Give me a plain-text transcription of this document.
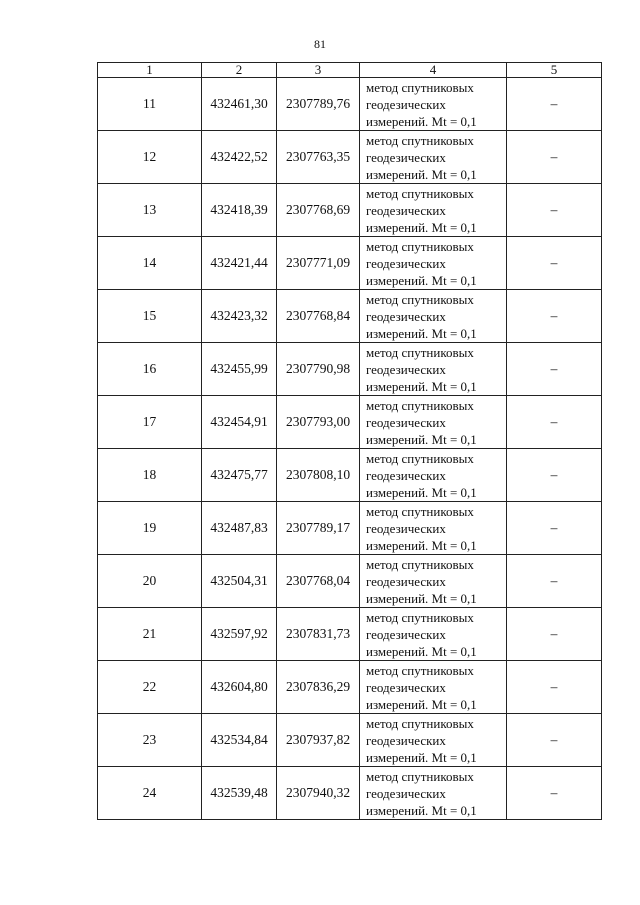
81
1	2	3	4	5
11	432461,30	2307789,76	метод спутниковых
геодезических
измерений. Mt = 0,1	–
12	432422,52	2307763,35	метод спутниковых
геодезических
измерений. Mt = 0,1	–
13	432418,39	2307768,69	метод спутниковых
геодезических
измерений. Mt = 0,1	–
14	432421,44	2307771,09	метод спутниковых
геодезических
измерений. Mt = 0,1	–
15	432423,32	2307768,84	метод спутниковых
геодезических
измерений. Mt = 0,1	–
16	432455,99	2307790,98	метод спутниковых
геодезических
измерений. Mt = 0,1	–
17	432454,91	2307793,00	метод спутниковых
геодезических
измерений. Mt = 0,1	–
18	432475,77	2307808,10	метод спутниковых
геодезических
измерений. Mt = 0,1	–
19	432487,83	2307789,17	метод спутниковых
геодезических
измерений. Mt = 0,1	–
20	432504,31	2307768,04	метод спутниковых
геодезических
измерений. Mt = 0,1	–
21	432597,92	2307831,73	метод спутниковых
геодезических
измерений. Mt = 0,1	–
22	432604,80	2307836,29	метод спутниковых
геодезических
измерений. Mt = 0,1	–
23	432534,84	2307937,82	метод спутниковых
геодезических
измерений. Mt = 0,1	–
24	432539,48	2307940,32	метод спутниковых
геодезических
измерений. Mt = 0,1	–
